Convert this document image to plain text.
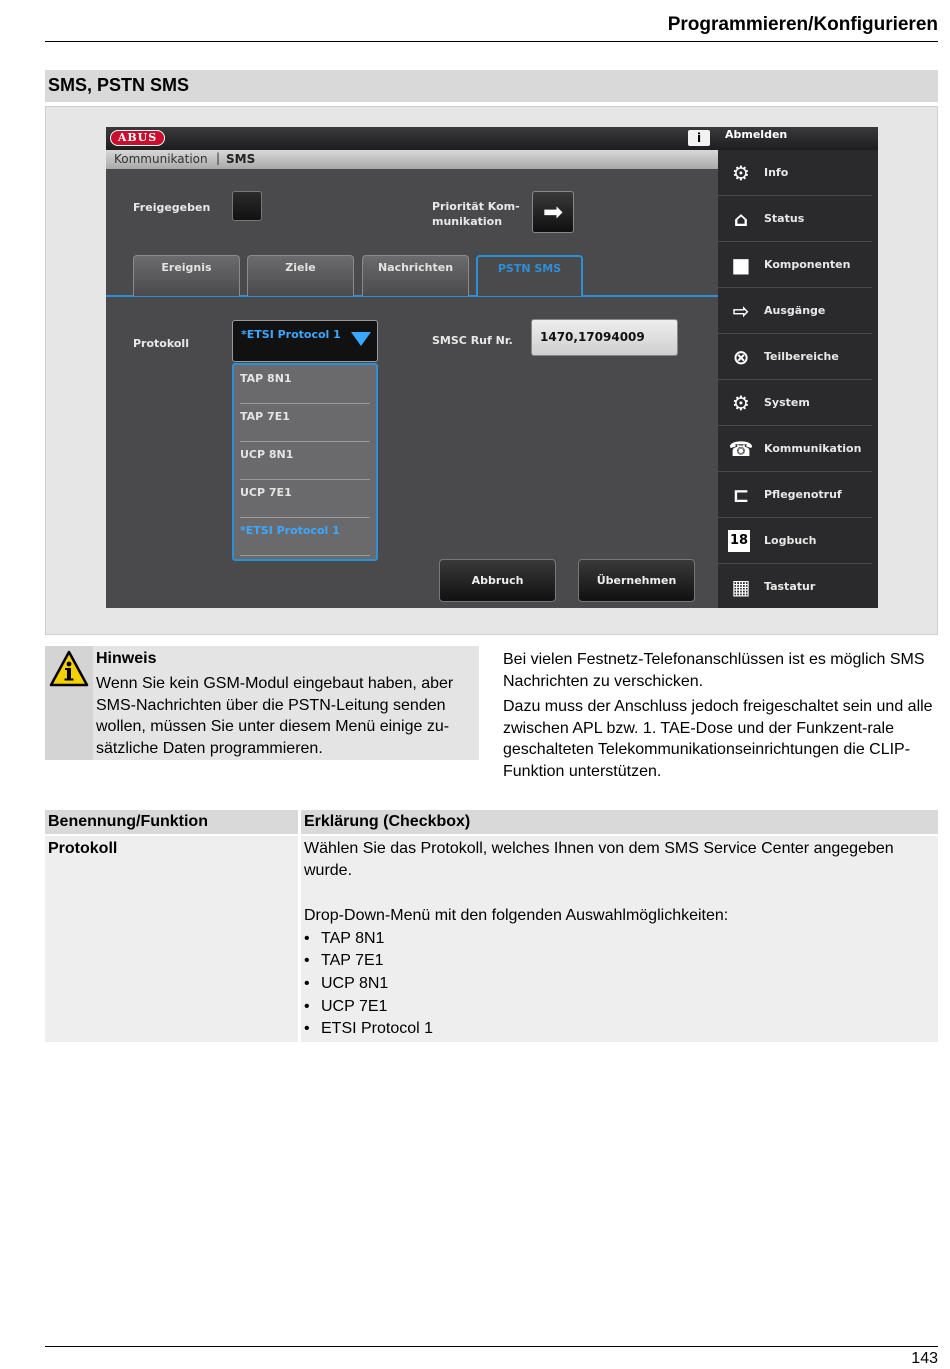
Programmieren/Konfigurieren
SMS, PSTN SMS
ABUS	i	Abmelden
Kommunikation | SMS
Freigegeben	Priorität Kom-
munikation	➡
Ereignis	Ziele	Nachrichten	PSTN SMS
Protokoll
*ETSI Protocol 1
TAP 8N1
TAP 7E1
UCP 8N1
UCP 7E1
*ETSI Protocol 1
SMSC Ruf Nr.	1470,17094009
Abbruch	Übernehmen
⚙	Info
⌂	Status
■	Komponenten
⇨	Ausgänge
⊗	Teilbereiche
⚙	System
☎ Kommunikation
⊏	Pflegenotruf
18 Logbuch
▦	Tastatur
Hinweis
Wenn Sie kein GSM-Modul eingebaut haben, aber SMS-Nachrichten über die PSTN-Leitung senden wollen, müssen Sie unter diesem Menü einige zu-sätzliche Daten programmieren.

Bei vielen Festnetz-Telefonanschlüssen ist es möglich SMS Nachrichten zu verschicken.

Dazu muss der Anschluss jedoch freigeschaltet sein und alle zwischen APL bzw. 1. TAE-Dose und der Funkzent-rale geschalteten Telekommunikationseinrichtungen die CLIP-Funktion unterstützen.

Benennung/Funktion	Erklärung (Checkbox)
Protokoll	Wählen Sie das Protokoll, welches Ihnen von dem SMS Service Center angegeben wurde.
Drop-Down-Menü mit den folgenden Auswahlmöglichkeiten:
• TAP 8N1
• TAP 7E1
• UCP 8N1
• UCP 7E1
• ETSI Protocol 1
143
